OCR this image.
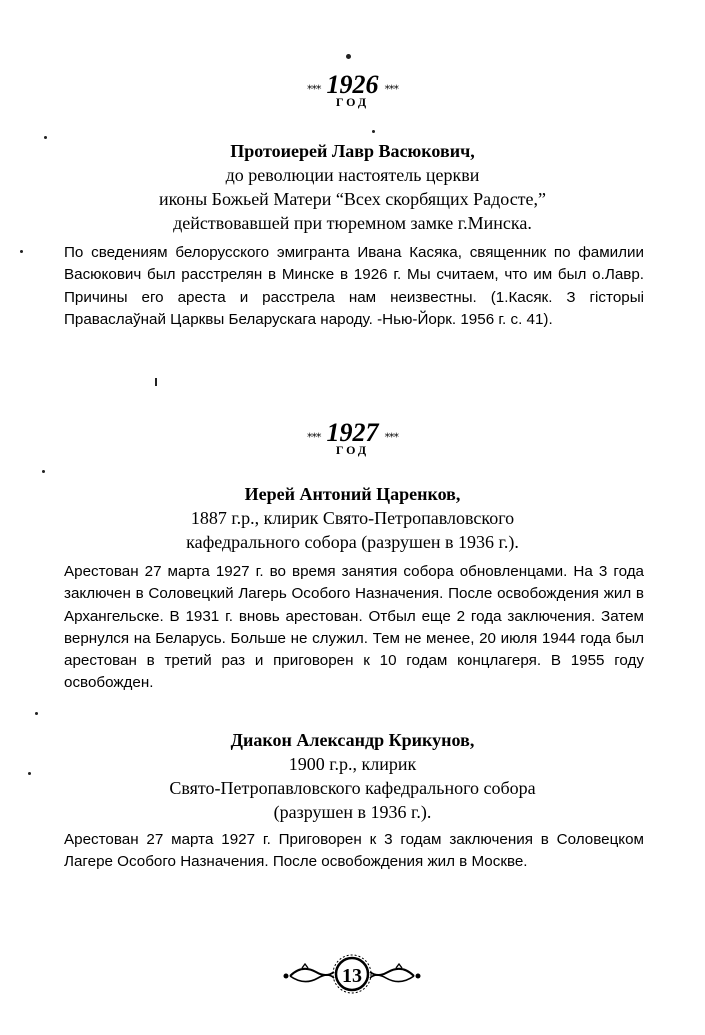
⁎⁎⁎ 1926 ⁎⁎⁎
ГОД
Протоиерей Лавр Васюкович,
до революции настоятель церкви
иконы Божьей Матери “Всех скорбящих Радосте,”
действовавшей при тюремном замке г.Минска.
По сведениям белорусского эмигранта Ивана Касяка, священник по фамилии Васюкович был расстрелян в Минске в 1926 г. Мы считаем, что им был о.Лавр. Причины его ареста и расстрела нам неизвестны. (1.Касяк. З гісторыі Праваслаўнай Царквы Беларускага народу. -Нью-Йорк. 1956 г. с. 41).
⁎⁎⁎ 1927 ⁎⁎⁎
ГОД
Иерей Антоний Царенков,
1887 г.р., клирик Свято-Петропавловского
кафедрального собора (разрушен в 1936 г.).
Арестован 27 марта 1927 г. во время занятия собора обновленцами. На 3 года заключен в Соловецкий Лагерь Особого Назначения. После освобождения жил в Архангельске. В 1931 г. вновь арестован. Отбыл еще 2 года заключения. Затем вернулся на Беларусь. Больше не служил. Тем не менее, 20 июля 1944 года был арестован в третий раз и приговорен к 10 годам концлагеря. В 1955 году освобожден.
Диакон Александр Крикунов,
1900 г.р., клирик
Свято-Петропавловского кафедрального собора
(разрушен в 1936 г.).
Арестован 27 марта 1927 г. Приговорен к 3 годам заключения в Соловецком Лагере Особого Назначения. После освобождения жил в Москве.
13
